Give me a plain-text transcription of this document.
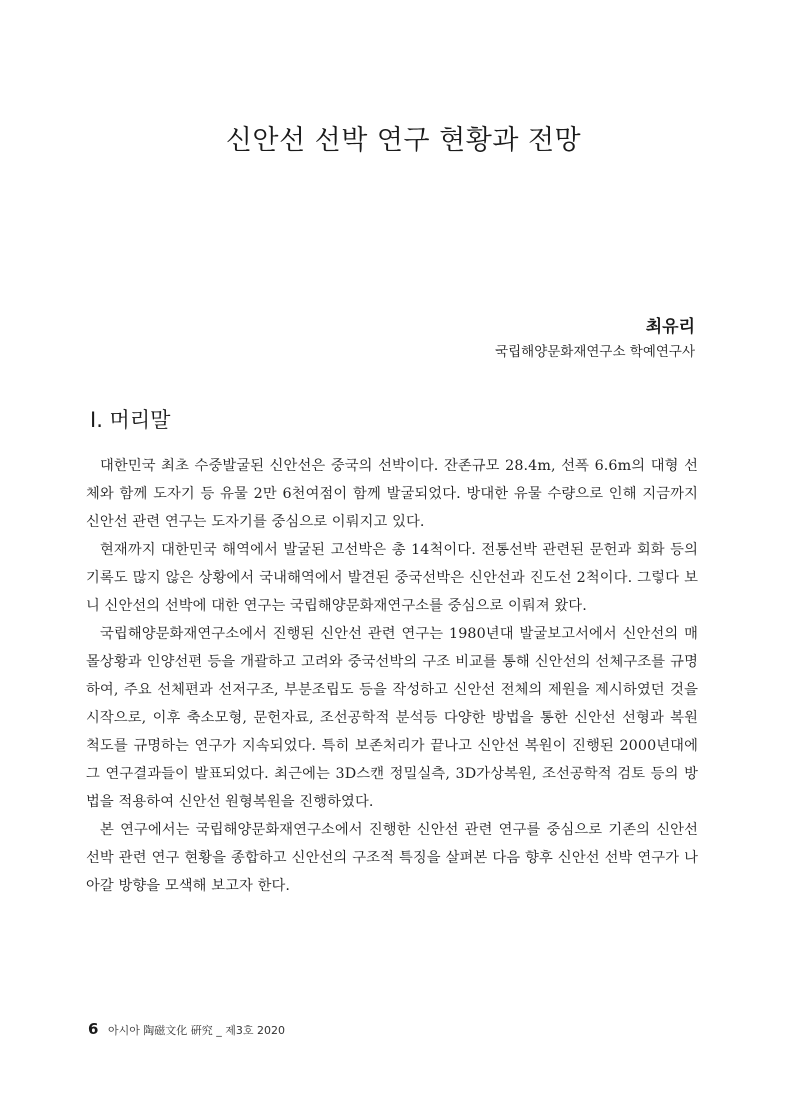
신안선 선박 연구 현황과 전망
최유리
국립해양문화재연구소 학예연구사
Ⅰ. 머리말

대한민국 최초 수중발굴된 신안선은 중국의 선박이다. 잔존규모 28.4m, 선폭 6.6m의 대형 선체와 함께 도자기 등 유물 2만 6천여점이 함께 발굴되었다. 방대한 유물 수량으로 인해 지금까지 신안선 관련 연구는 도자기를 중심으로 이뤄지고 있다.

현재까지 대한민국 해역에서 발굴된 고선박은 총 14척이다. 전통선박 관련된 문헌과 회화 등의 기록도 많지 않은 상황에서 국내해역에서 발견된 중국선박은 신안선과 진도선 2척이다. 그렇다 보니 신안선의 선박에 대한 연구는 국립해양문화재연구소를 중심으로 이뤄져 왔다.

국립해양문화재연구소에서 진행된 신안선 관련 연구는 1980년대 발굴보고서에서 신안선의 매몰상황과 인양선편 등을 개괄하고 고려와 중국선박의 구조 비교를 통해 신안선의 선체구조를 규명하여, 주요 선체편과 선저구조, 부분조립도 등을 작성하고 신안선 전체의 제원을 제시하였던 것을 시작으로, 이후 축소모형, 문헌자료, 조선공학적 분석등 다양한 방법을 통한 신안선 선형과 복원 척도를 규명하는 연구가 지속되었다. 특히 보존처리가 끝나고 신안선 복원이 진행된 2000년대에 그 연구결과들이 발표되었다. 최근에는 3D스캔 정밀실측, 3D가상복원, 조선공학적 검토 등의 방법을 적용하여 신안선 원형복원을 진행하였다.

본 연구에서는 국립해양문화재연구소에서 진행한 신안선 관련 연구를 중심으로 기존의 신안선 선박 관련 연구 현황을 종합하고 신안선의 구조적 특징을 살펴본 다음 향후 신안선 선박 연구가 나아갈 방향을 모색해 보고자 한다.

6 아시아 陶磁文化 硏究 _ 제3호 2020
